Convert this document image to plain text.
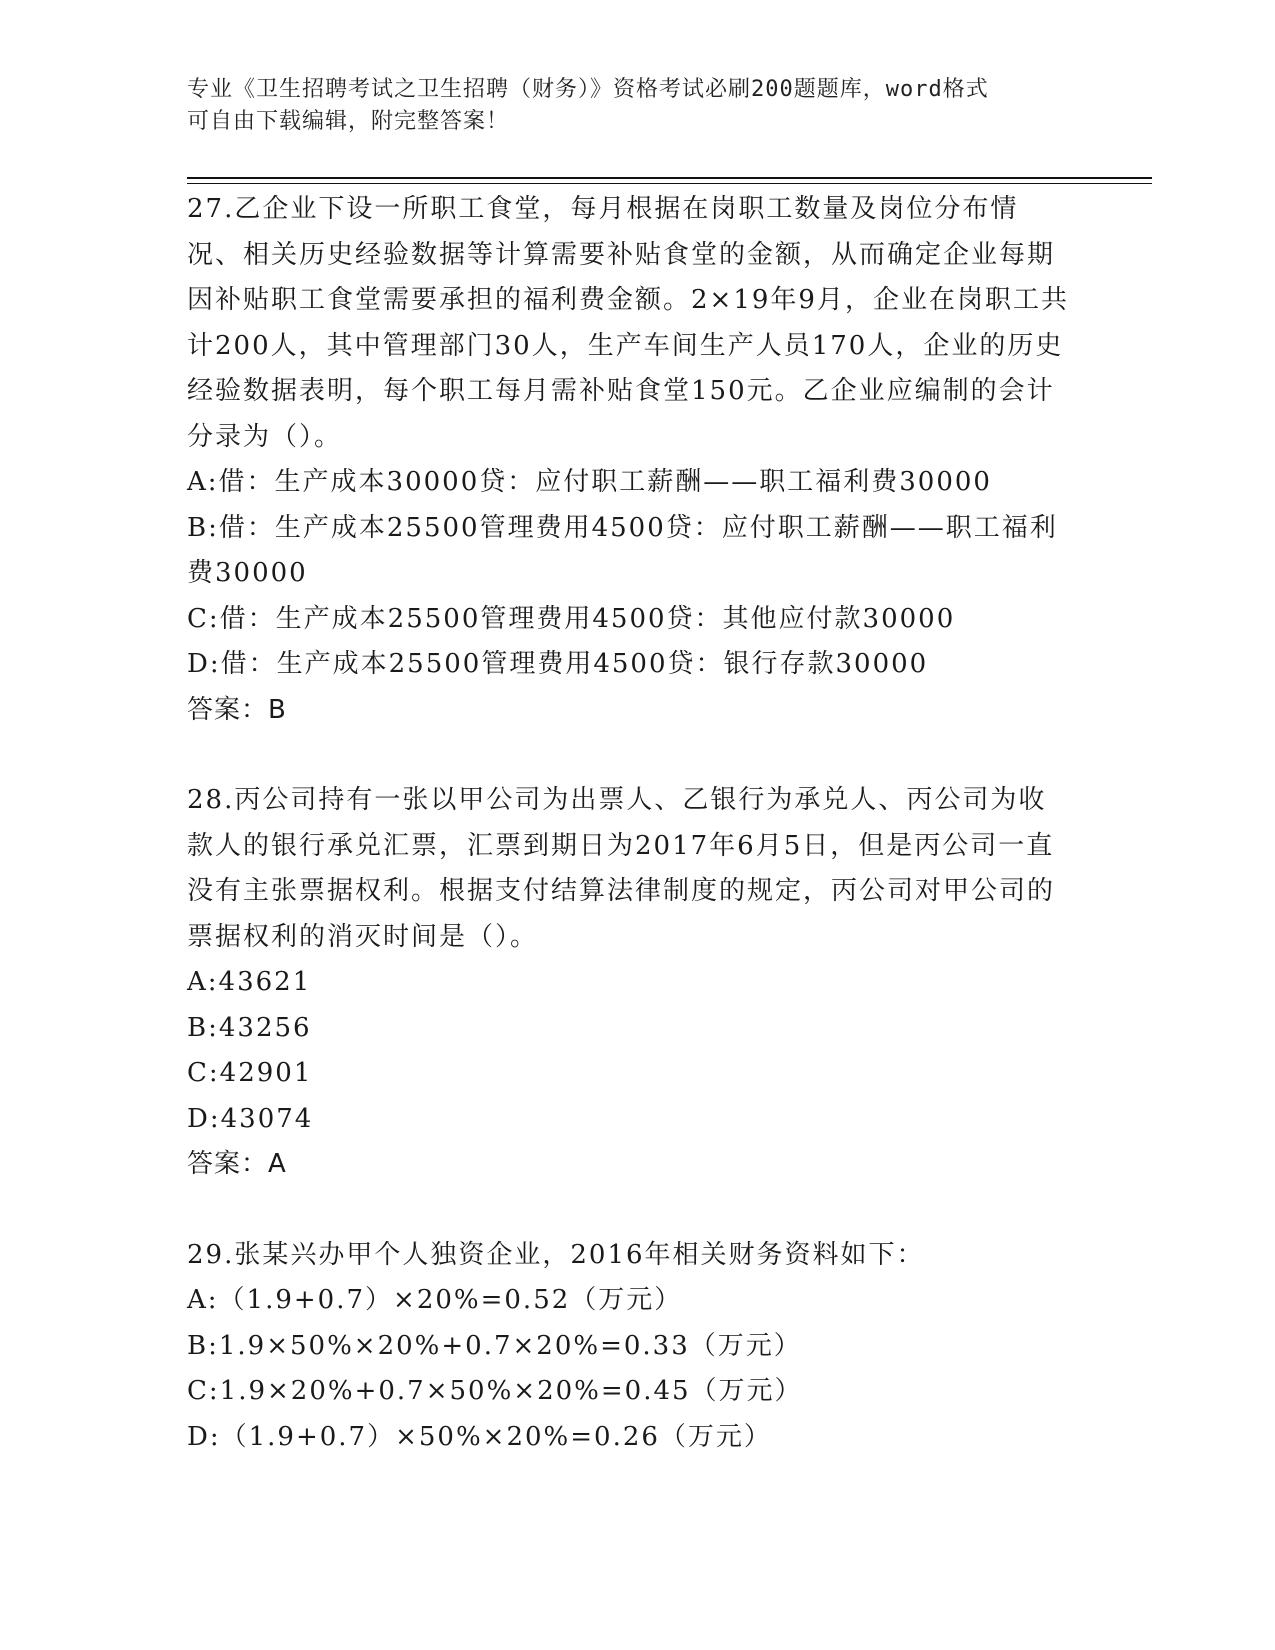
专业《卫生招聘考试之卫生招聘（财务）》资格考试必刷200题题库，word格式
可自由下载编辑，附完整答案！

27.乙企业下设一所职工食堂，每月根据在岗职工数量及岗位分布情况、相关历史经验数据等计算需要补贴食堂的金额，从而确定企业每期因补贴职工食堂需要承担的福利费金额。2×19年9月，企业在岗职工共计200人，其中管理部门30人，生产车间生产人员170人，企业的历史经验数据表明，每个职工每月需补贴食堂150元。乙企业应编制的会计分录为（）。

A:借：生产成本30000贷：应付职工薪酬——职工福利费30000

B:借：生产成本25500管理费用4500贷：应付职工薪酬——职工福利费30000

C:借：生产成本25500管理费用4500贷：其他应付款30000

D:借：生产成本25500管理费用4500贷：银行存款30000

答案：B

28.丙公司持有一张以甲公司为出票人、乙银行为承兑人、丙公司为收款人的银行承兑汇票，汇票到期日为2017年6月5日，但是丙公司一直没有主张票据权利。根据支付结算法律制度的规定，丙公司对甲公司的票据权利的消灭时间是（）。

A:43621

B:43256

C:42901

D:43074

答案：A

29.张某兴办甲个人独资企业，2016年相关财务资料如下：

A:（1.9+0.7）×20%=0.52（万元）

B:1.9×50%×20%+0.7×20%=0.33（万元）

C:1.9×20%+0.7×50%×20%=0.45（万元）

D:（1.9+0.7）×50%×20%=0.26（万元）
